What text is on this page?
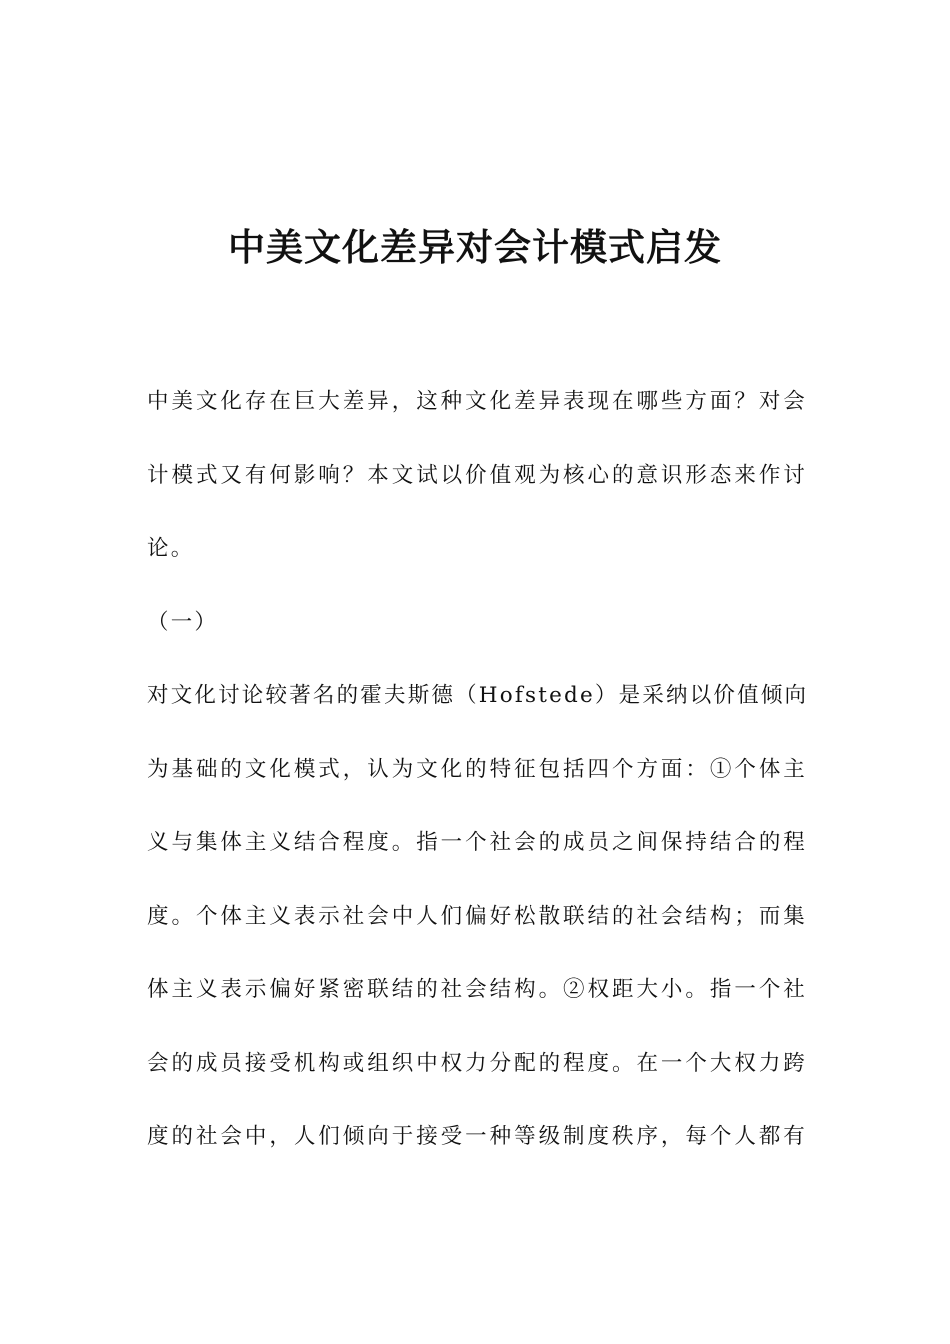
中美文化差异对会计模式启发
中美文化存在巨大差异，这种文化差异表现在哪些方面？对会
计模式又有何影响？本文试以价值观为核心的意识形态来作讨
论。
（一）
对文化讨论较著名的霍夫斯德（Hofstede）是采纳以价值倾向
为基础的文化模式，认为文化的特征包括四个方面：①个体主
义与集体主义结合程度。指一个社会的成员之间保持结合的程
度。个体主义表示社会中人们偏好松散联结的社会结构；而集
体主义表示偏好紧密联结的社会结构。②权距大小。指一个社
会的成员接受机构或组织中权力分配的程度。在一个大权力跨
度的社会中，人们倾向于接受一种等级制度秩序，每个人都有
